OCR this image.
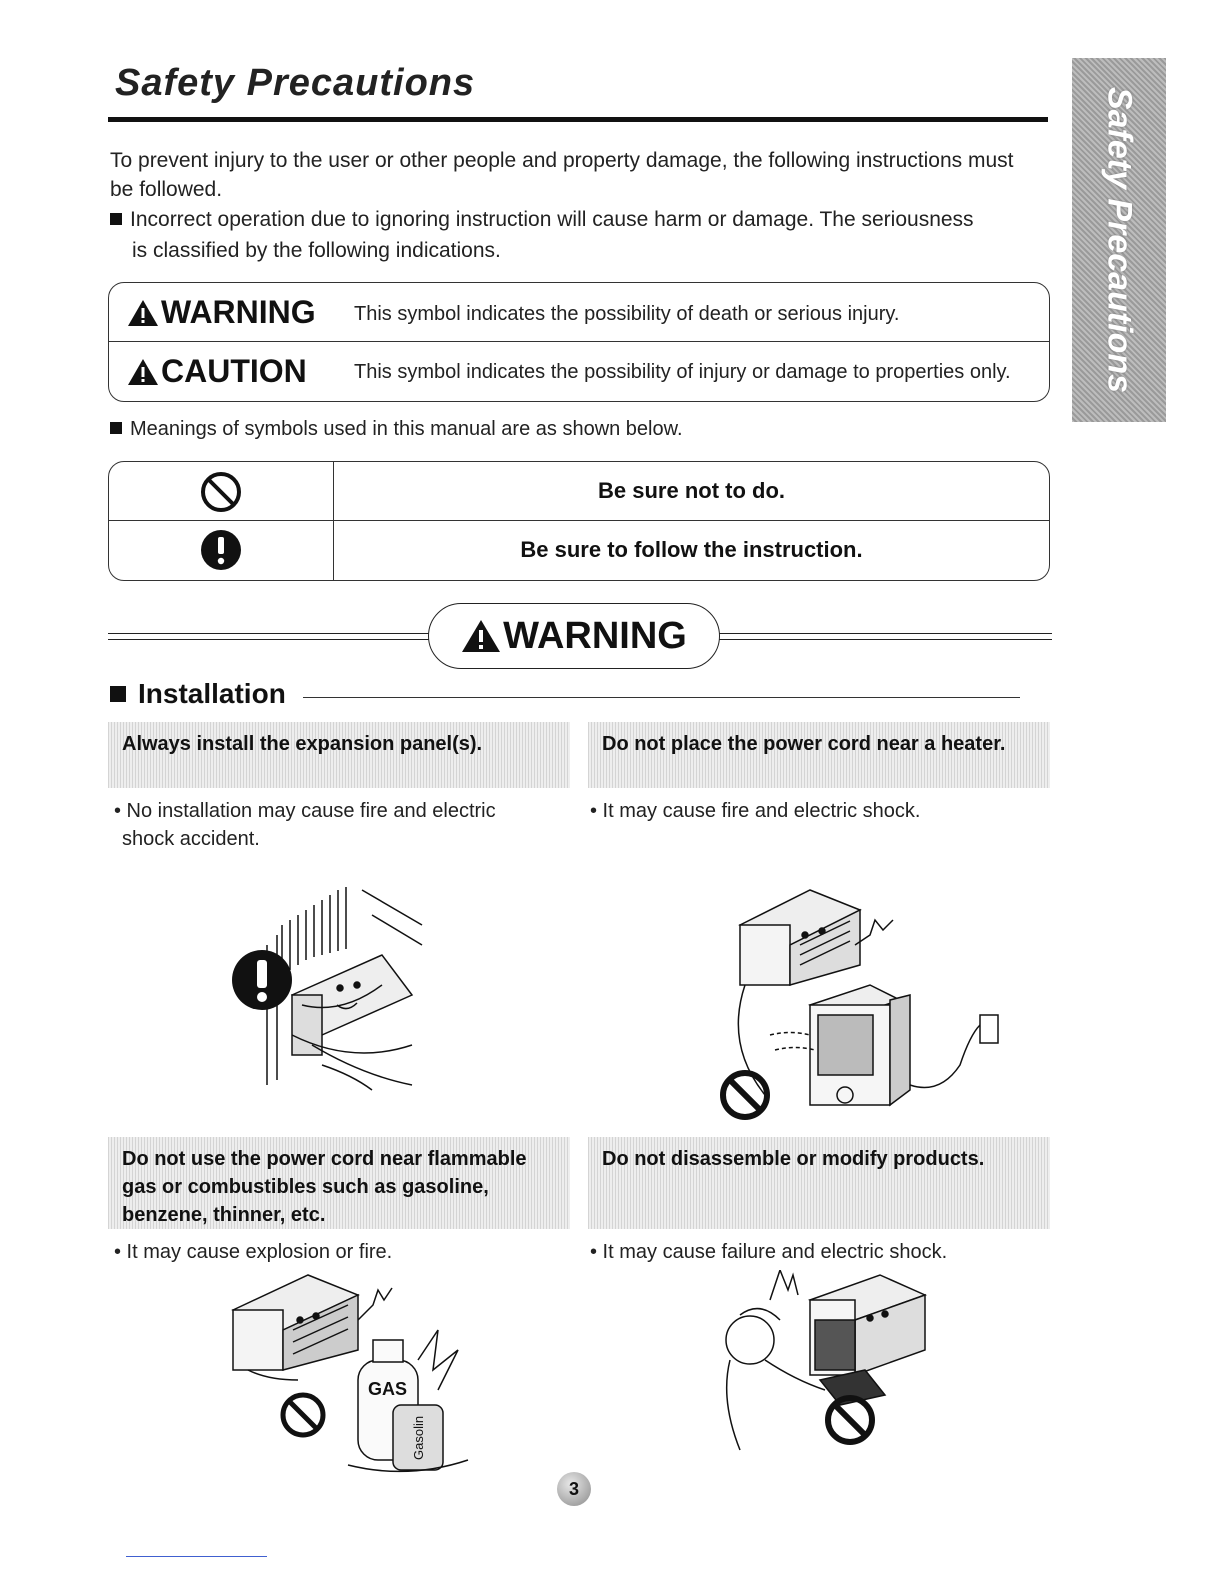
Safety Precautions
Safety Precautions
To prevent injury to the user or other people and property damage, the following instructions must be followed.
Incorrect operation due to ignoring instruction will cause harm or damage. The seriousness
is classified by the following indications.
WARNING This symbol indicates the possibility of death or serious injury.
CAUTION This symbol indicates the possibility of injury or damage to properties only.
Meanings of symbols used in this manual are as shown below.
Be sure not to do.
Be sure to follow the instruction.
WARNING
Installation
Always install the expansion panel(s).
• No installation may cause fire and electric
shock accident.
Do not place the power cord near a heater.
• It may cause fire and electric shock.
Do not use the power cord near flammable
gas or combustibles such as gasoline,
benzene, thinner, etc.
• It may cause explosion or fire.
GAS
Gasolin
Do not disassemble or modify products.
• It may cause failure and electric shock.
3
